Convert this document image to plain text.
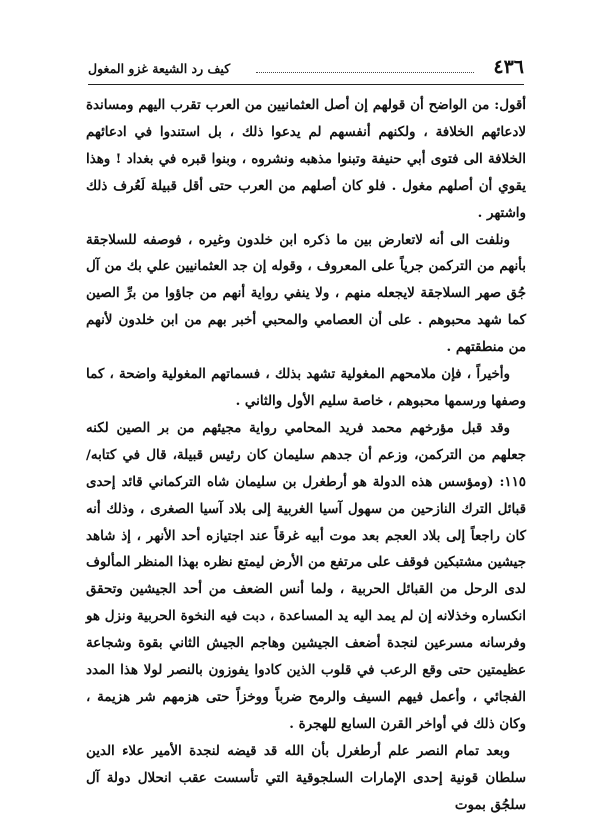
٤٣٦
كيف رد الشيعة غزو المغول

أقول: من الواضح أن قولهم إن أصل العثمانيين من العرب تقرب اليهم ومساندة لادعائهم الخلافة ، ولكنهم أنفسهم لم يدعوا ذلك ، بل استندوا في ادعائهم الخلافة الى فتوى أبي حنيفة وتبنوا مذهبه ونشروه ، وبنوا قبره في بغداد ! وهذا يقوي أن أصلهم مغول . فلو كان أصلهم من العرب حتى أقل قبيلة لَعُرف ذلك واشتهر .

ونلفت الى أنه لاتعارض بين ما ذكره ابن خلدون وغيره ، فوصفه للسلاجقة بأنهم من التركمن جرياً على المعروف ، وقوله إن جد العثمانيين علي بك من آل جُق صهر السلاجقة لايجعله منهم ، ولا ينفي رواية أنهم من جاؤوا من برِّ الصين كما شهد محبوهم . على أن العصامي والمحبي أخبر بهم من ابن خلدون لأنهم من منطقتهم .

وأخيراً ، فإن ملامحهم المغولية تشهد بذلك ، فسماتهم المغولية واضحة ، كما وصفها ورسمها محبوهم ، خاصة سليم الأول والثاني .

وقد قبل مؤرخهم محمد فريد المحامي رواية مجيئهم من بر الصين لكنه جعلهم من التركمن، وزعم أن جدهم سليمان كان رئيس قبيلة، قال في كتابه/١١٥: (ومؤسس هذه الدولة هو أرطغرل بن سليمان شاه التركماني قائد إحدى قبائل الترك النازحين من سهول آسيا الغربية إلى بلاد آسيا الصغرى ، وذلك أنه كان راجعاً إلى بلاد العجم بعد موت أبيه غرقاً عند اجتيازه أحد الأنهر ، إذ شاهد جيشين مشتبكين فوقف على مرتفع من الأرض ليمتع نظره بهذا المنظر المألوف لدى الرحل من القبائل الحربية ، ولما أنس الضعف من أحد الجيشين وتحقق انكساره وخذلانه إن لم يمد اليه يد المساعدة ، دبت فيه النخوة الحربية ونزل هو وفرسانه مسرعين لنجدة أضعف الجيشين وهاجم الجيش الثاني بقوة وشجاعة عظيمتين حتى وقع الرعب في قلوب الذين كادوا يفوزون بالنصر لولا هذا المدد الفجائي ، وأعمل فيهم السيف والرمح ضرباً ووخزاً حتى هزمهم شر هزيمة ، وكان ذلك في أواخر القرن السابع للهجرة .

وبعد تمام النصر علم أرطغرل بأن الله قد قيضه لنجدة الأمير علاء الدين سلطان قونية إحدى الإمارات السلجوقية التي تأسست عقب انحلال دولة آل سلجُق بموت
